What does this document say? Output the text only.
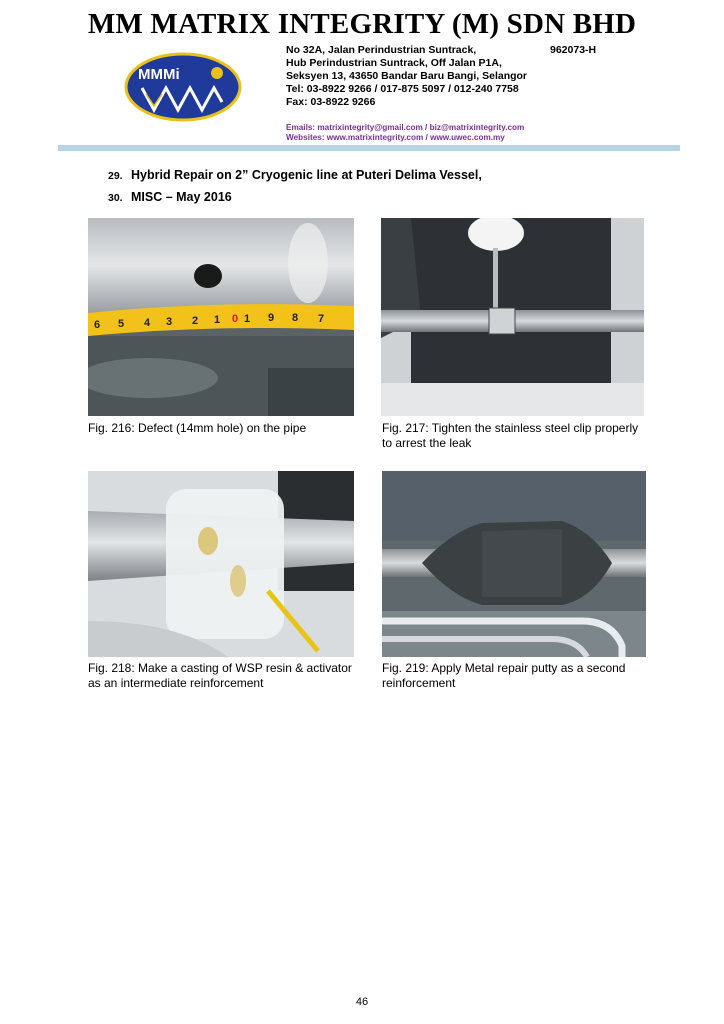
MM MATRIX INTEGRITY (M) SDN BHD
MMMi
No 32A, Jalan Perindustrian Suntrack,
Hub Perindustrian Suntrack, Off Jalan P1A,
Seksyen 13, 43650 Bandar Baru Bangi, Selangor
Tel: 03-8922 9266 / 017-875 5097 / 012-240 7758
Fax: 03-8922 9266
962073-H
Emails: matrixintegrity@gmail.com / biz@matrixintegrity.com
Websites: www.matrixintegrity.com / www.uwec.com.my
29. Hybrid Repair on 2” Cryogenic line at Puteri Delima Vessel,
30. MISC – May 2016
6 5 4 3 2 1 0 1 9 8 7
Fig. 216: Defect (14mm hole) on the pipe	Fig. 217: Tighten the stainless steel clip properly to arrest the leak
Fig. 218: Make a casting of WSP resin & activator as an intermediate reinforcement
Fig. 219: Apply Metal repair putty as a second reinforcement
46
